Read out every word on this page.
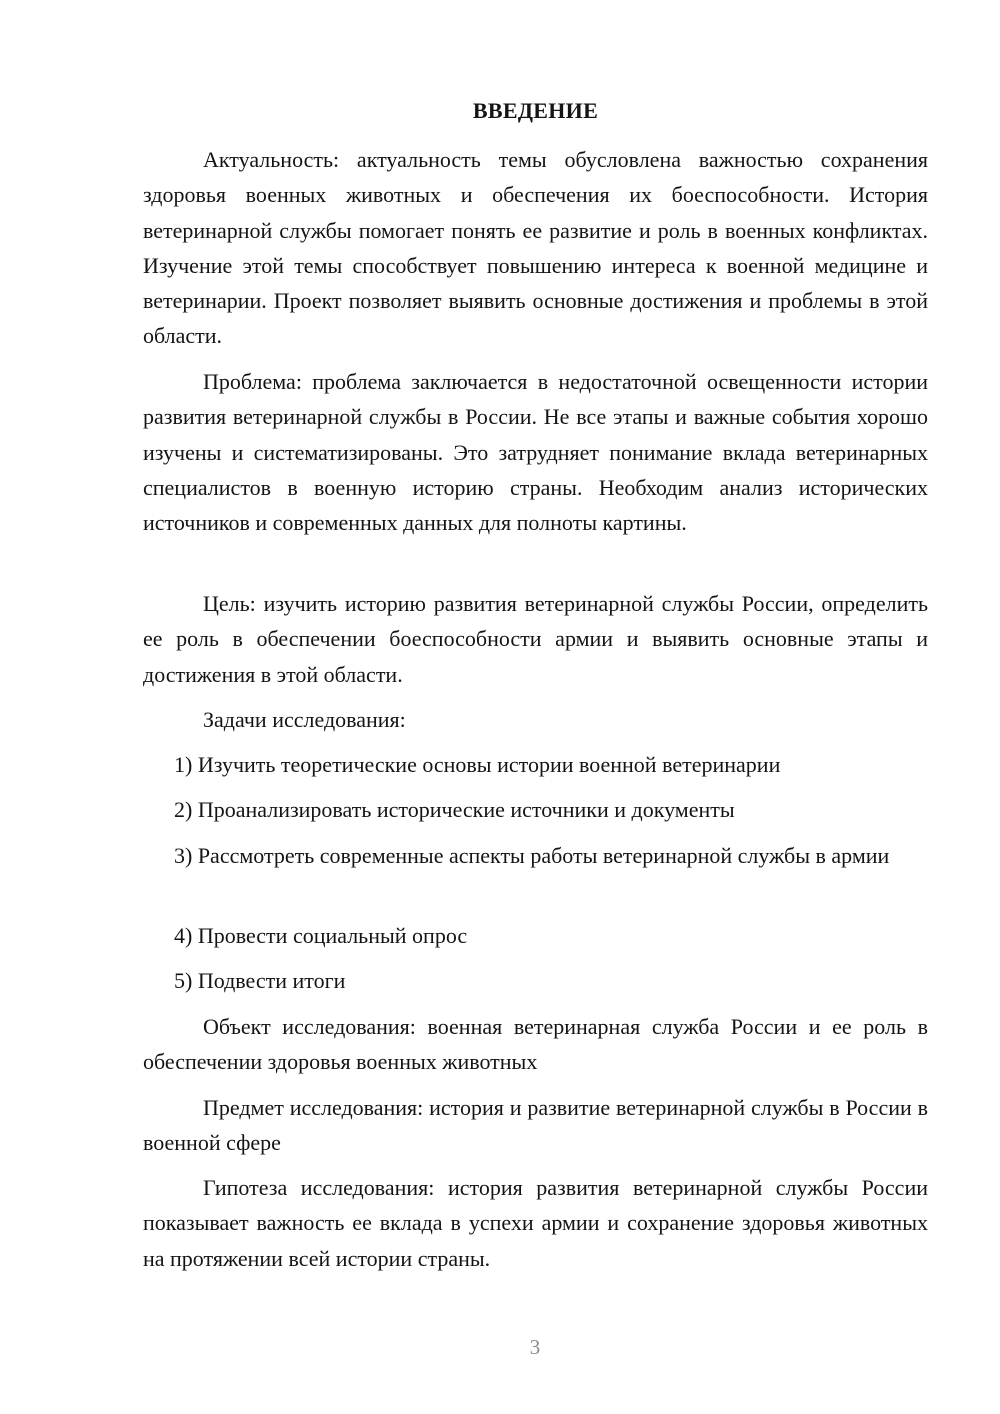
ВВЕДЕНИЕ

Актуальность: актуальность темы обусловлена важностью сохранения здоровья военных животных и обеспечения их боеспособности. История ветеринарной службы помогает понять ее развитие и роль в военных конфликтах. Изучение этой темы способствует повышению интереса к военной медицине и ветеринарии. Проект позволяет выявить основные достижения и проблемы в этой области.

Проблема: проблема заключается в недостаточной освещенности истории развития ветеринарной службы в России. Не все этапы и важные события хорошо изучены и систематизированы. Это затрудняет понимание вклада ветеринарных специалистов в военную историю страны. Необходим анализ исторических источников и современных данных для полноты картины.

Цель: изучить историю развития ветеринарной службы России, определить ее роль в обеспечении боеспособности армии и выявить основные этапы и достижения в этой области.

Задачи исследования:

1) Изучить теоретические основы истории военной ветеринарии

2) Проанализировать исторические источники и документы

3) Рассмотреть современные аспекты работы ветеринарной службы в армии

4) Провести социальный опрос

5) Подвести итоги

Объект исследования: военная ветеринарная служба России и ее роль в обеспечении здоровья военных животных

Предмет исследования: история и развитие ветеринарной службы в России в военной сфере

Гипотеза исследования: история развития ветеринарной службы России показывает важность ее вклада в успехи армии и сохранение здоровья животных на протяжении всей истории страны.

3
